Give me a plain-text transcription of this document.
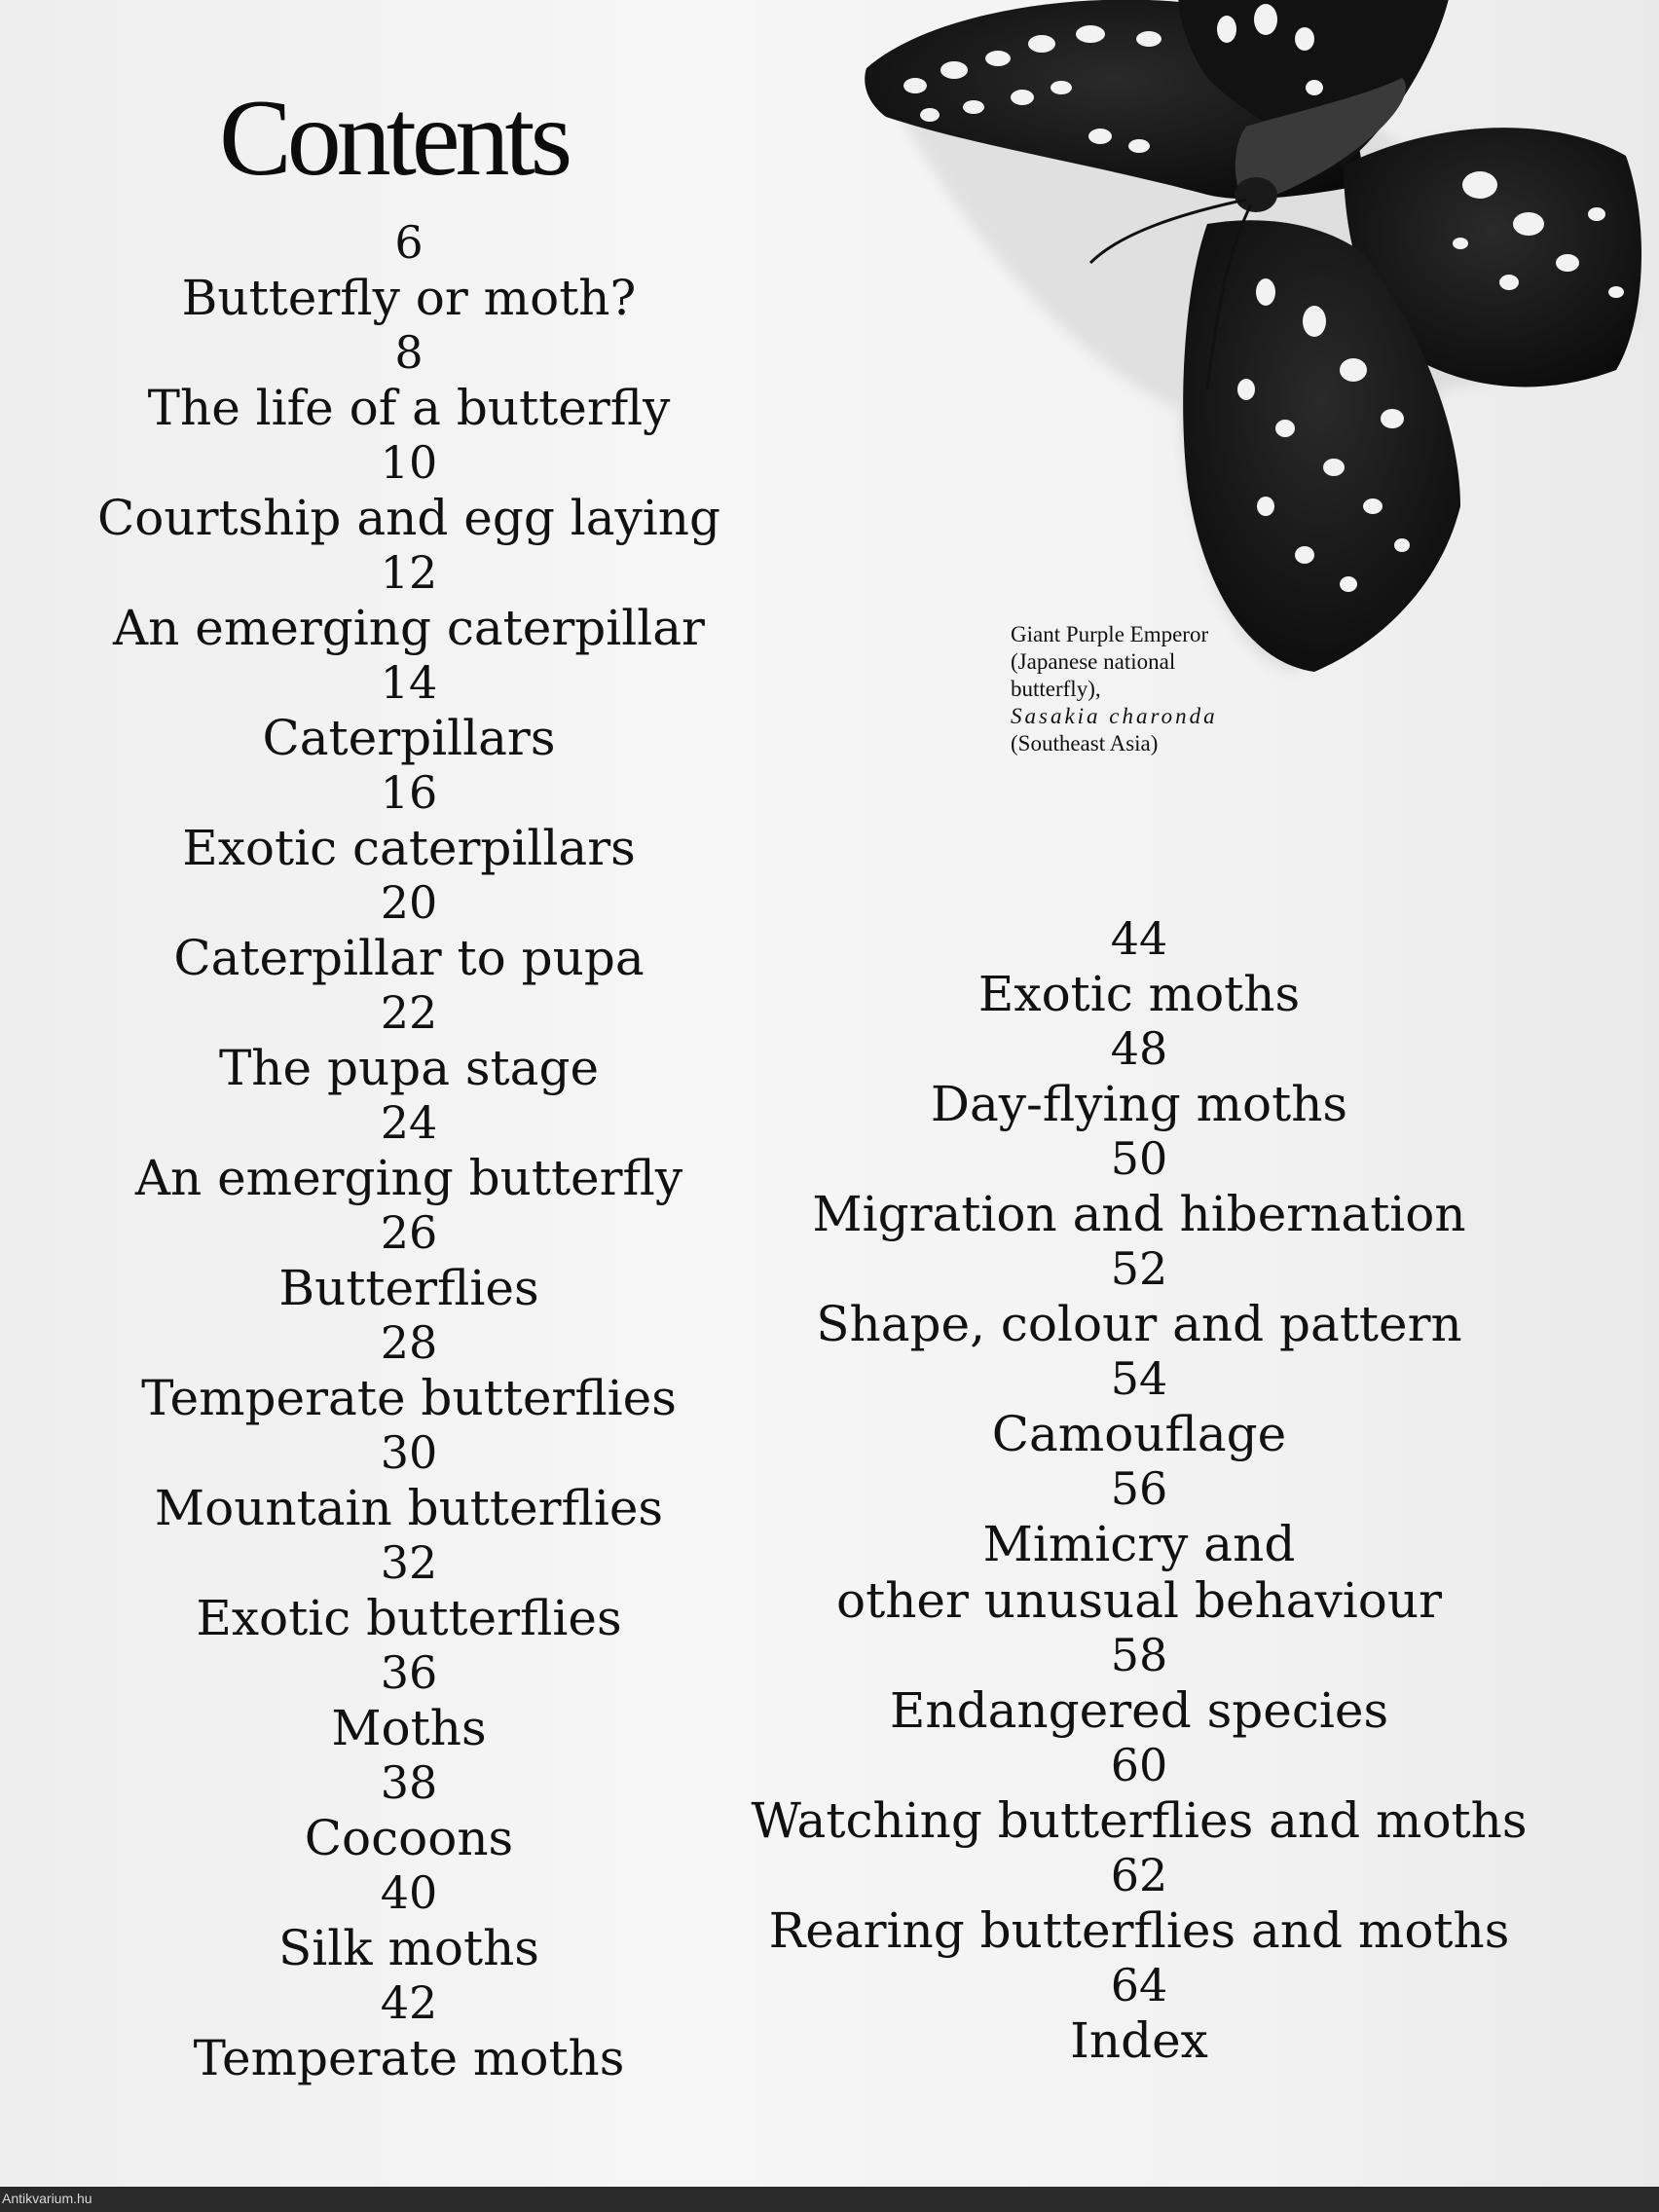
Contents
6
Butterfly or moth?
8
The life of a butterfly
10
Courtship and egg laying
12
An emerging caterpillar
14
Caterpillars
16
Exotic caterpillars
20
Caterpillar to pupa
22
The pupa stage
24
An emerging butterfly
26
Butterflies
28
Temperate butterflies
30
Mountain butterflies
32
Exotic butterflies
36
Moths
38
Cocoons
40
Silk moths
42
Temperate moths
44
Exotic moths
48
Day-flying moths
50
Migration and hibernation
52
Shape, colour and pattern
54
Camouflage
56
Mimicry and
other unusual behaviour
58
Endangered species
60
Watching butterflies and moths
62
Rearing butterflies and moths
64
Index
Giant Purple Emperor
(Japanese national
butterfly),
Sasakia charonda
(Southeast Asia)
Antikvarium.hu
